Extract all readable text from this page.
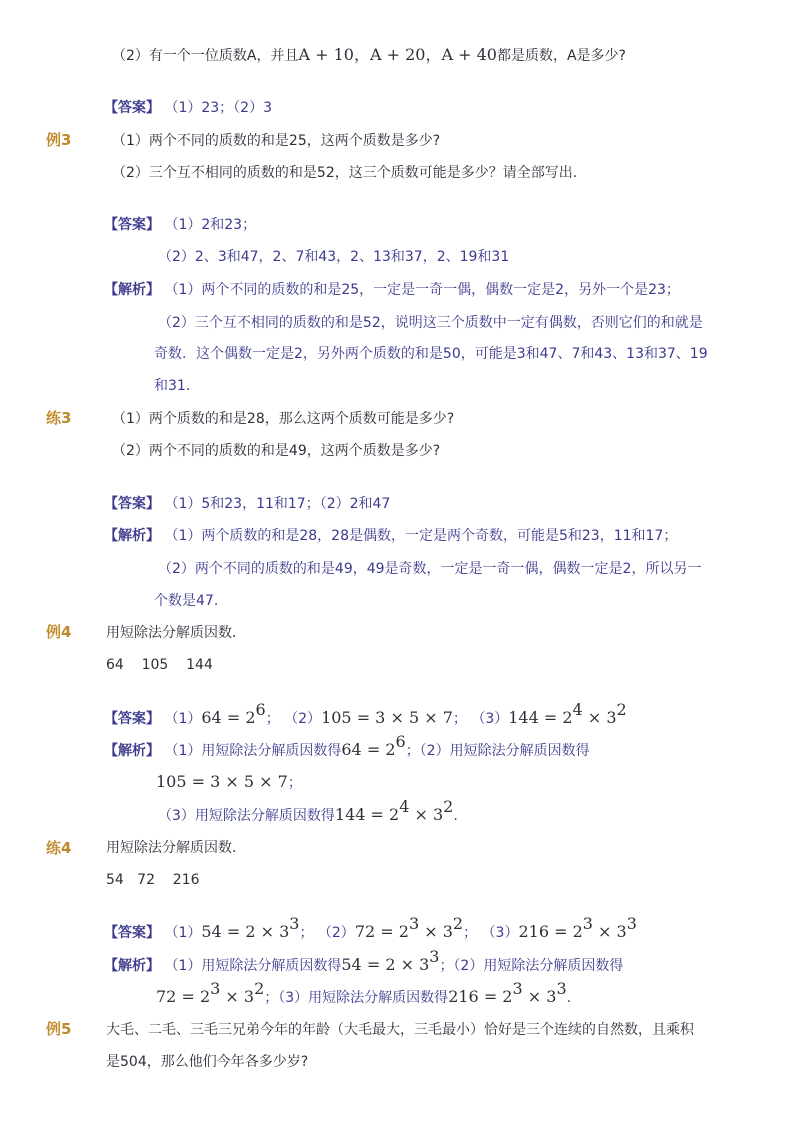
（2）有一个一位质数A，并且A + 10，A + 20，A + 40都是质数，A是多少?
【答案】 （1）23；（2）3
例3	（1）两个不同的质数的和是25，这两个质数是多少?
（2）三个互不相同的质数的和是52，这三个质数可能是多少？请全部写出.
【答案】 （1）2和23；
（2）2、3和47，2、7和43，2、13和37，2、19和31
【解析】 （1）两个不同的质数的和是25，一定是一奇一偶，偶数一定是2，另外一个是23；
（2）三个互不相同的质数的和是52，说明这三个质数中一定有偶数，否则它们的和就是
奇数．这个偶数一定是2，另外两个质数的和是50，可能是3和47、7和43、13和37、19
和31．
练3	（1）两个质数的和是28，那么这两个质数可能是多少?
（2）两个不同的质数的和是49，这两个质数是多少?
【答案】 （1）5和23，11和17；（2）2和47
【解析】 （1）两个质数的和是28，28是偶数，一定是两个奇数，可能是5和23，11和17；
（2）两个不同的质数的和是49，49是奇数，一定是一奇一偶，偶数一定是2，所以另一
个数是47.
例4 用短除法分解质因数．
64    105    144
【答案】 $(1)64 = 2^6$； （2）105 = 3 × 5 × 7； $(3)144 = 2^4 \times 3^2$
【解析】 （1）用短除法分解质因数得$64 = 2^6$；（2）用短除法分解质因数得
105 = 3 × 5 × 7；
（3）用短除法分解质因数得$144 = 2^4 \times 3^2$.
练4 用短除法分解质因数．
54   72    216
【答案】 $(1)54 = 2 \times 3^3$； $(2)72 = 2^3 \times 3^2$； $(3)216 = 2^3 \times 3^3$
【解析】 （1）用短除法分解质因数得$54 = 2 \times 3^3$；（2）用短除法分解质因数得
$72 = 2^3 \times 3^2$；（3）用短除法分解质因数得$216 = 2^3 \times 3^3$.
例5 大毛、二毛、三毛三兄弟今年的年龄（大毛最大，三毛最小）恰好是三个连续的自然数，且乘积
是504，那么他们今年各多少岁?
